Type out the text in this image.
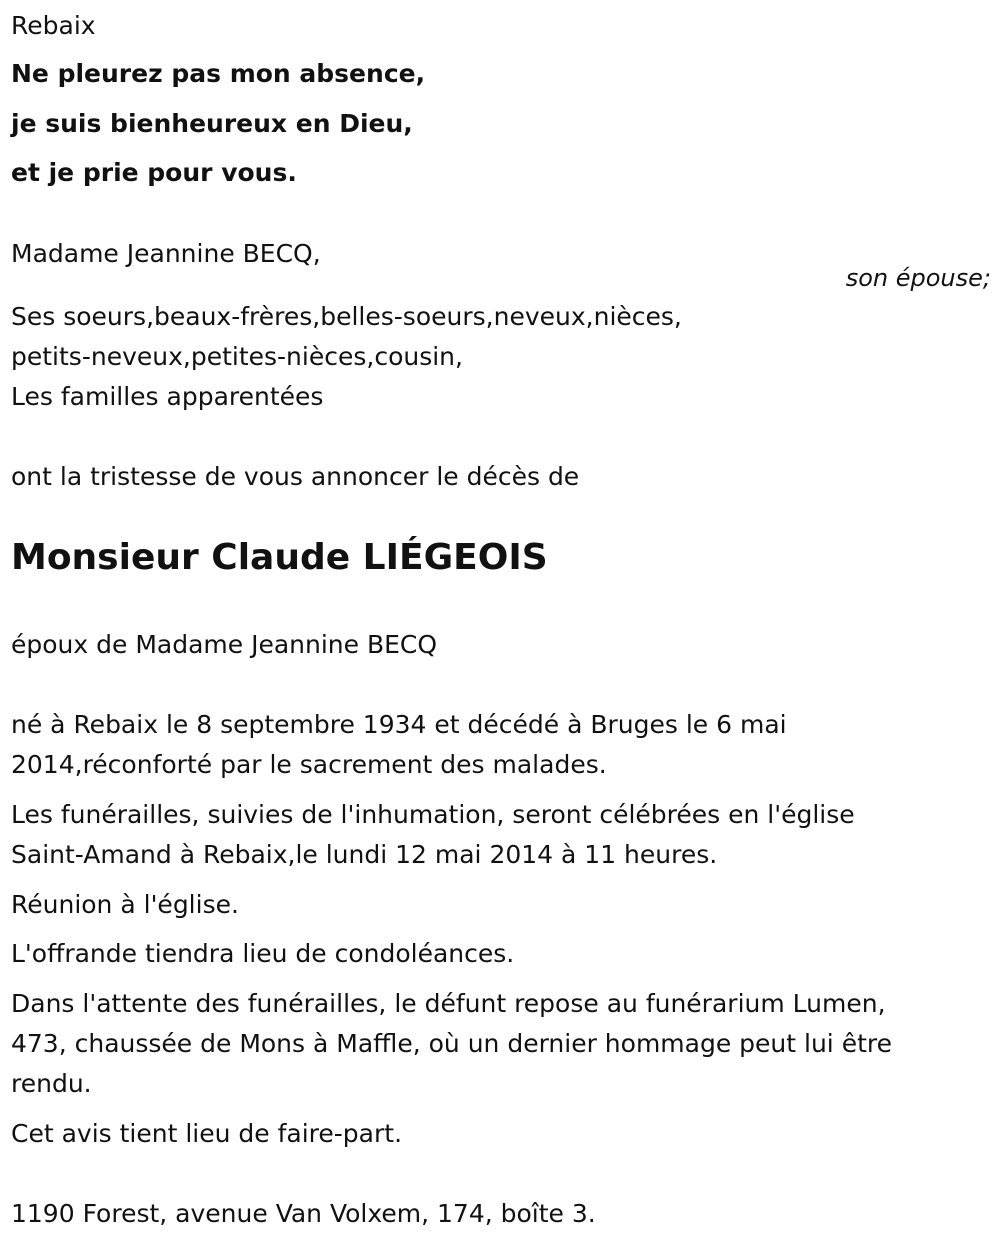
Rebaix
Ne pleurez pas mon absence,
je suis bienheureux en Dieu,
et je prie pour vous.
Madame Jeannine BECQ,
son épouse;
Ses soeurs,beaux-frères,belles-soeurs,neveux,nièces,
petits-neveux,petites-nièces,cousin,
Les familles apparentées
ont la tristesse de vous annoncer le décès de
Monsieur Claude LIÉGEOIS
époux de Madame Jeannine BECQ
né à Rebaix le 8 septembre 1934 et décédé à Bruges le 6 mai
2014,réconforté par le sacrement des malades.
Les funérailles, suivies de l'inhumation, seront célébrées en l'église
Saint-Amand à Rebaix,le lundi 12 mai 2014 à 11 heures.
Réunion à l'église.
L'offrande tiendra lieu de condoléances.
Dans l'attente des funérailles, le défunt repose au funérarium Lumen,
473, chaussée de Mons à Maffle, où un dernier hommage peut lui être
rendu.
Cet avis tient lieu de faire-part.
1190 Forest, avenue Van Volxem, 174, boîte 3.
